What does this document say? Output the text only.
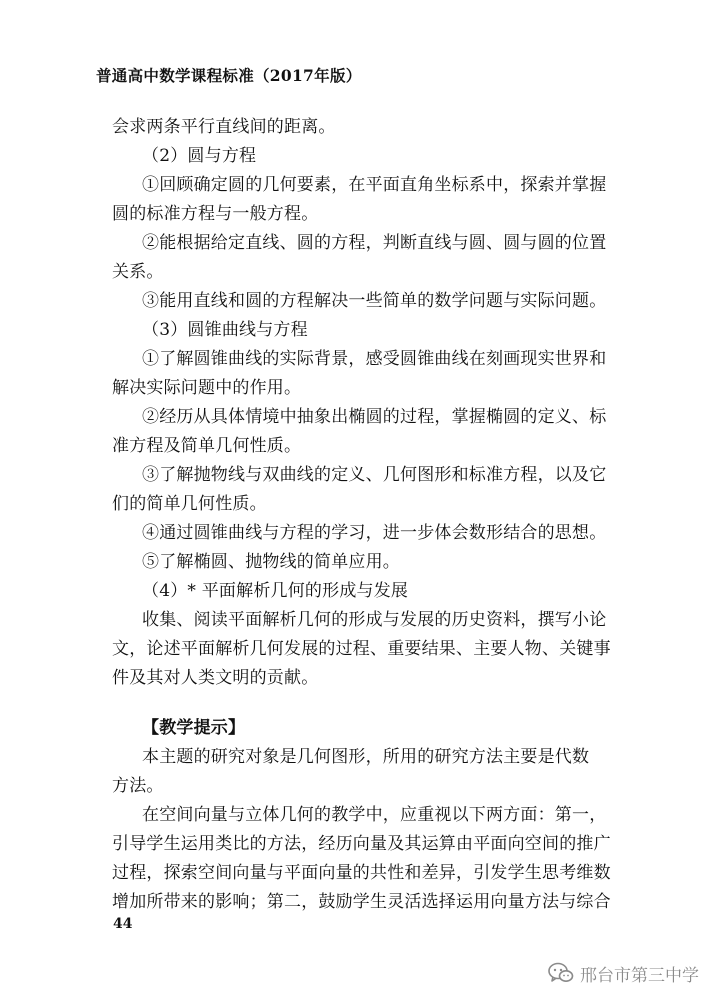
普通高中数学课程标准（2017年版）
会求两条平行直线间的距离。
（2）圆与方程
①回顾确定圆的几何要素，在平面直角坐标系中，探索并掌握
圆的标准方程与一般方程。
②能根据给定直线、圆的方程，判断直线与圆、圆与圆的位置
关系。
③能用直线和圆的方程解决一些简单的数学问题与实际问题。
（3）圆锥曲线与方程
①了解圆锥曲线的实际背景，感受圆锥曲线在刻画现实世界和
解决实际问题中的作用。
②经历从具体情境中抽象出椭圆的过程，掌握椭圆的定义、标
准方程及简单几何性质。
③了解抛物线与双曲线的定义、几何图形和标准方程，以及它
们的简单几何性质。
④通过圆锥曲线与方程的学习，进一步体会数形结合的思想。
⑤了解椭圆、抛物线的简单应用。
（4）* 平面解析几何的形成与发展
收集、阅读平面解析几何的形成与发展的历史资料，撰写小论
文，论述平面解析几何发展的过程、重要结果、主要人物、关键事
件及其对人类文明的贡献。
【教学提示】
本主题的研究对象是几何图形，所用的研究方法主要是代数
方法。
在空间向量与立体几何的教学中，应重视以下两方面：第一，
引导学生运用类比的方法，经历向量及其运算由平面向空间的推广
过程，探索空间向量与平面向量的共性和差异，引发学生思考维数
增加所带来的影响；第二，鼓励学生灵活选择运用向量方法与综合
44
邢台市第三中学
